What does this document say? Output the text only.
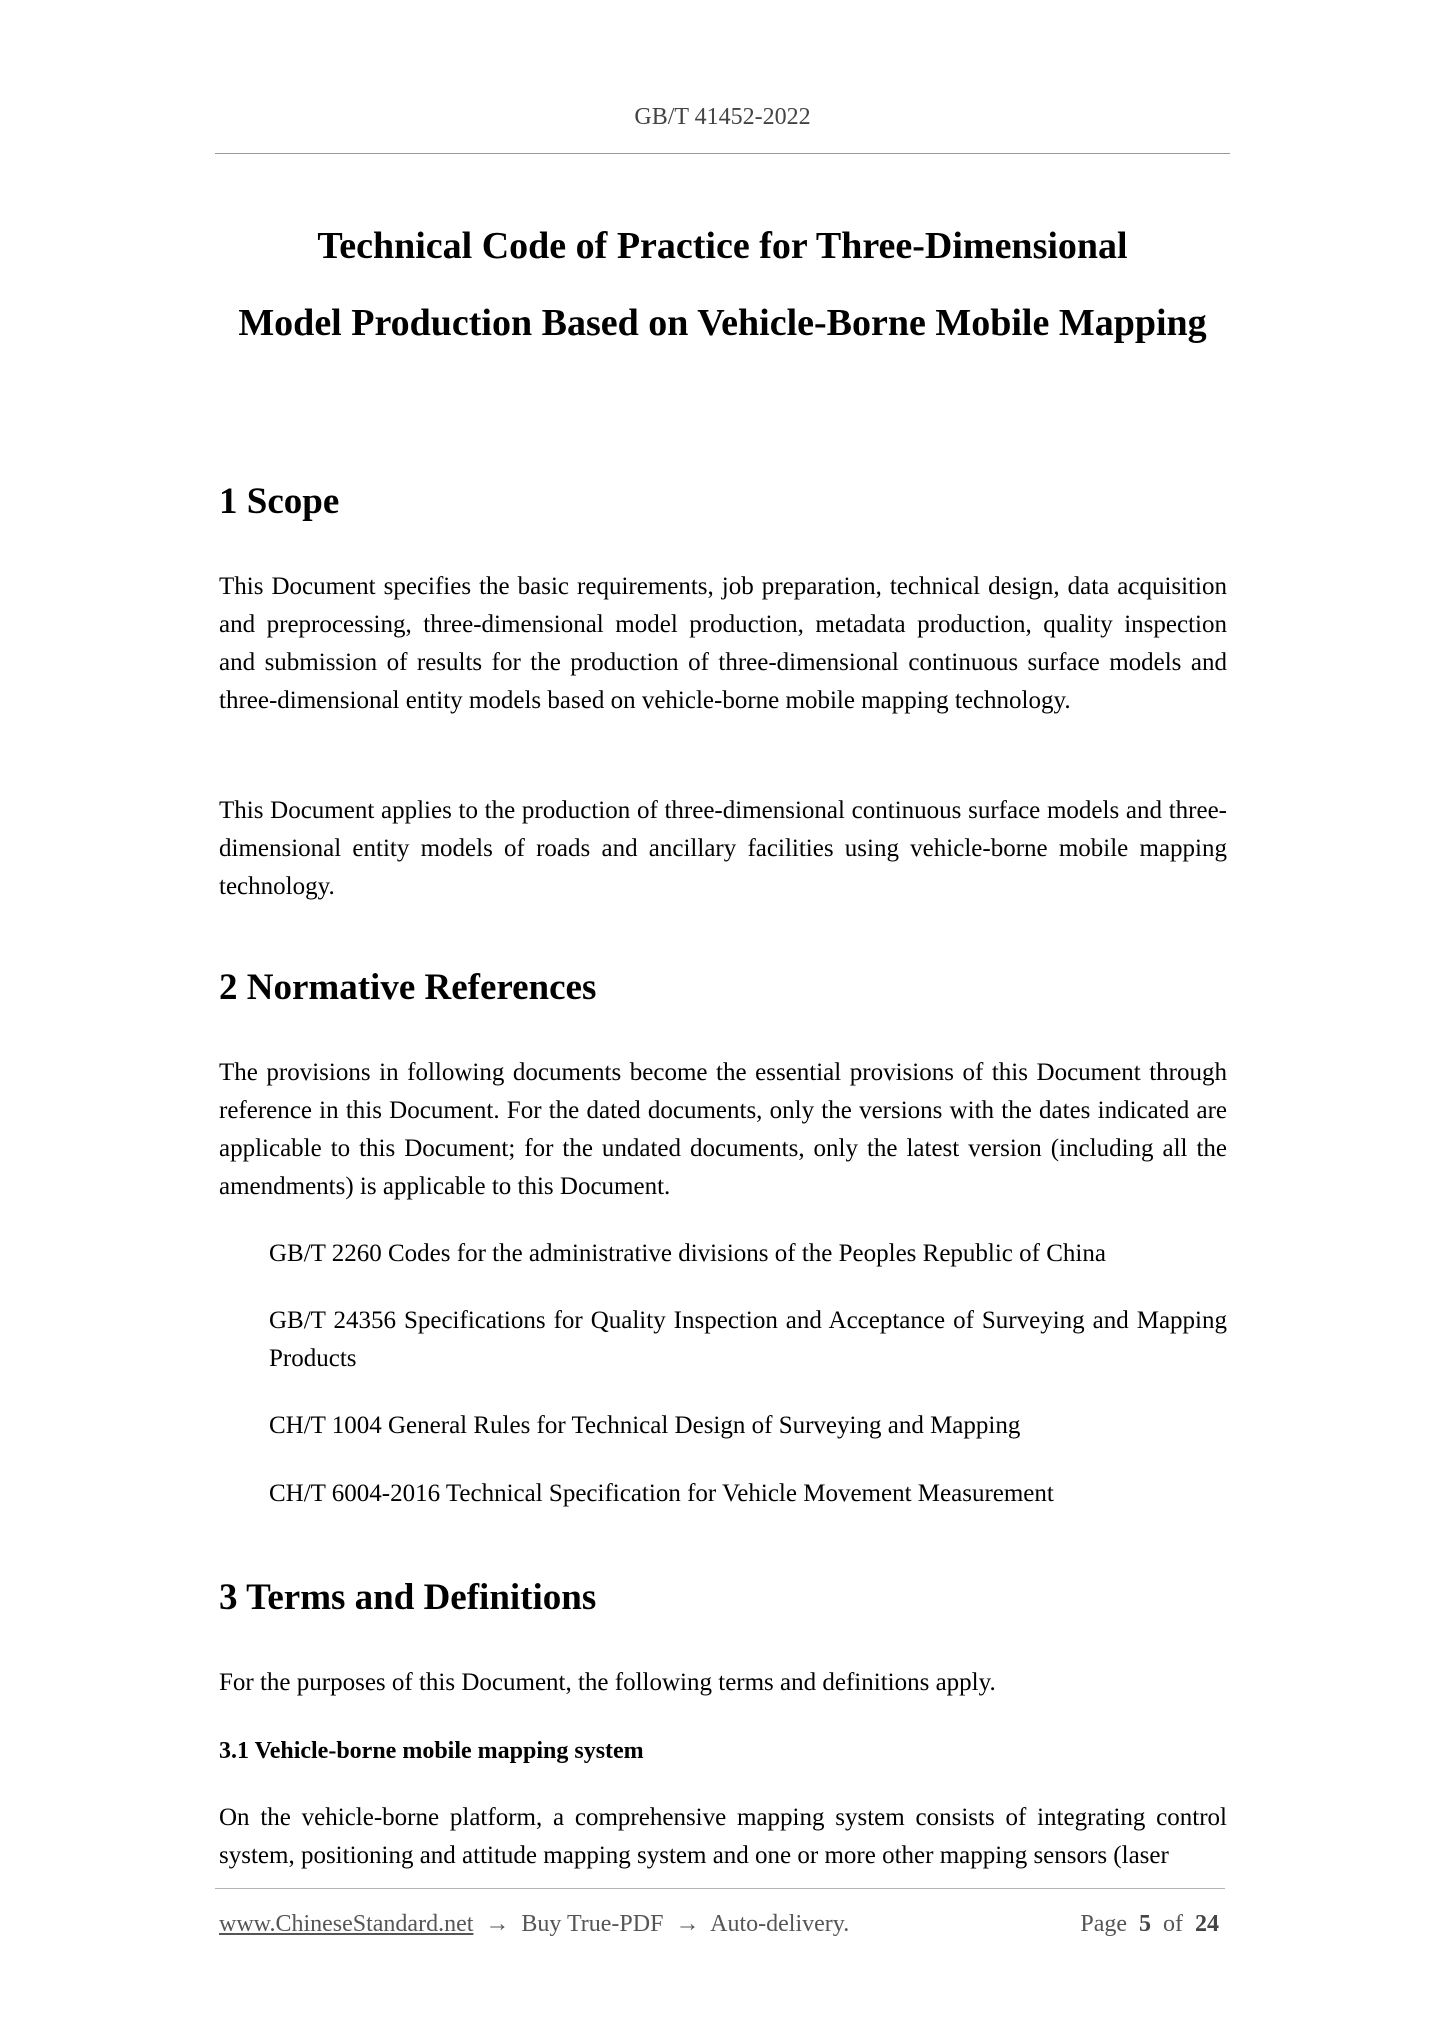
GB/T 41452-2022
Technical Code of Practice for Three-Dimensional
Model Production Based on Vehicle-Borne Mobile Mapping
1 Scope

This Document specifies the basic requirements, job preparation, technical design, data acquisition and preprocessing, three-dimensional model production, metadata production, quality inspection and submission of results for the production of three-dimensional continuous surface models and three-dimensional entity models based on vehicle-borne mobile mapping technology.

This Document applies to the production of three-dimensional continuous surface models and three-dimensional entity models of roads and ancillary facilities using vehicle-borne mobile mapping technology.

2 Normative References

The provisions in following documents become the essential provisions of this Document through reference in this Document. For the dated documents, only the versions with the dates indicated are applicable to this Document; for the undated documents, only the latest version (including all the amendments) is applicable to this Document.

GB/T 2260 Codes for the administrative divisions of the Peoples Republic of China

GB/T 24356 Specifications for Quality Inspection and Acceptance of Surveying and Mapping Products

CH/T 1004 General Rules for Technical Design of Surveying and Mapping

CH/T 6004-2016 Technical Specification for Vehicle Movement Measurement

3 Terms and Definitions

For the purposes of this Document, the following terms and definitions apply.

3.1 Vehicle-borne mobile mapping system

On the vehicle-borne platform, a comprehensive mapping system consists of integrating control system, positioning and attitude mapping system and one or more other mapping sensors (laser

www.ChineseStandard.net → Buy True-PDF → Auto-delivery.	Page 5 of 24
